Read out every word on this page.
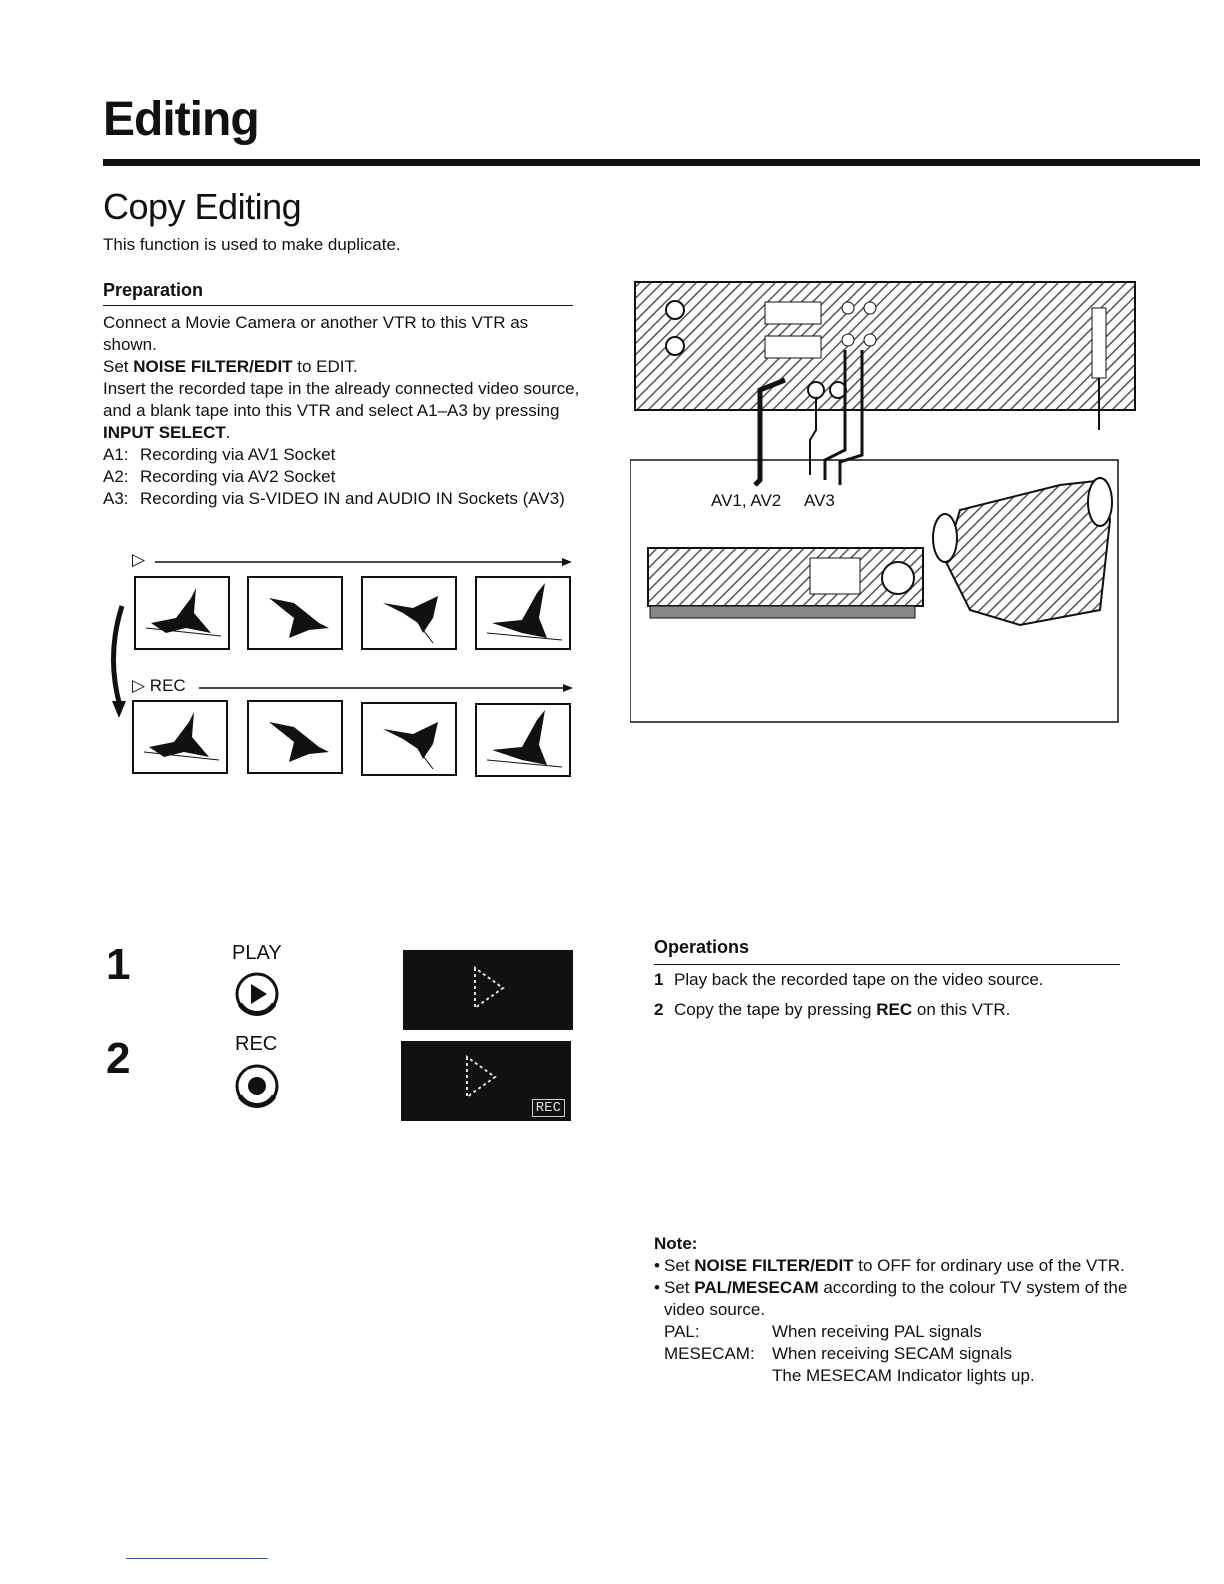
Editing
Copy Editing
This function is used to make duplicate.
Preparation

Connect a Movie Camera or another VTR to this VTR as shown.

Set NOISE FILTER/EDIT to EDIT.

Insert the recorded tape in the already connected video source, and a blank tape into this VTR and select A1–A3 by pressing INPUT SELECT.

A1: Recording via AV1 Socket
A2: Recording via AV2 Socket
A3: Recording via S-VIDEO IN and AUDIO IN Sockets (AV3)
▷
▷ REC
AV1, AV2 AV3
1	PLAY
2	REC
REC
Operations
1 Play back the recorded tape on the video source.
2 Copy the tape by pressing REC on this VTR.
Note:
• Set NOISE FILTER/EDIT to OFF for ordinary use of the VTR.
• Set PAL/MESECAM according to the colour TV system of the video source.
PAL:	When receiving PAL signals
MESECAM:	When receiving SECAM signals
The MESECAM Indicator lights up.
